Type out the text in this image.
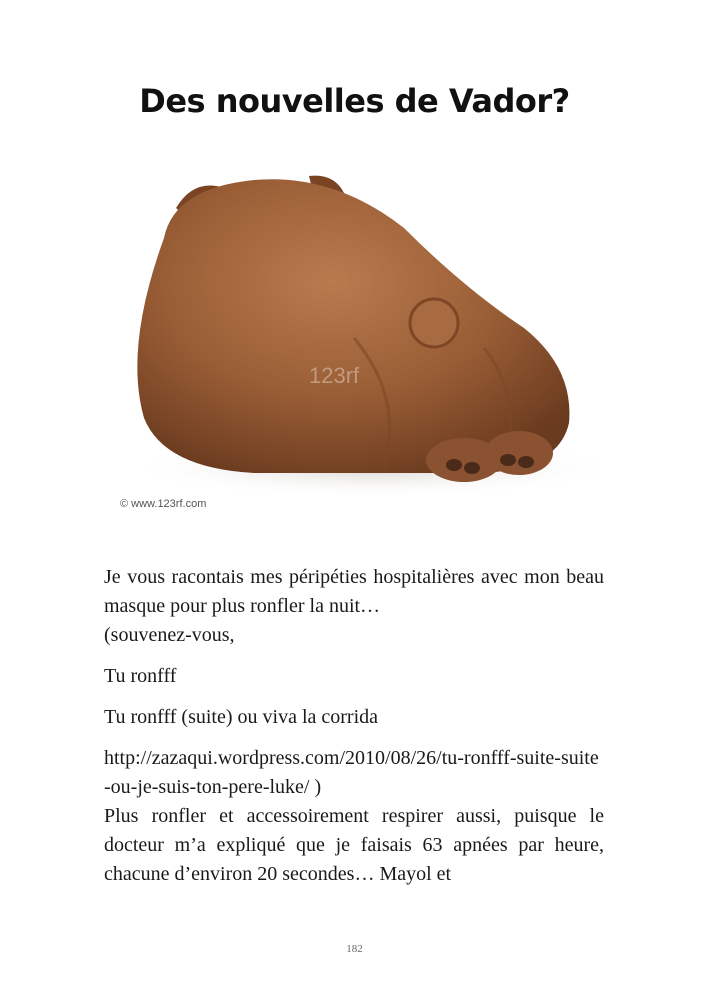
Des nouvelles de Vador?
123rf
© www.123rf.com

Je vous racontais mes péripéties hospitalières avec mon beau masque pour plus ronfler la nuit…

(souvenez-vous,

Tu ronfff

Tu ronfff (suite) ou viva la corrida

http://zazaqui.wordpress.com/2010/08/26/tu-ronfff-suite-suite-ou-je-suis-ton-pere-luke/ )

Plus ronfler et accessoirement respirer aussi, puisque le docteur m’a expliqué que je faisais 63 apnées par heure, chacune d’environ 20 secondes… Mayol et

182
